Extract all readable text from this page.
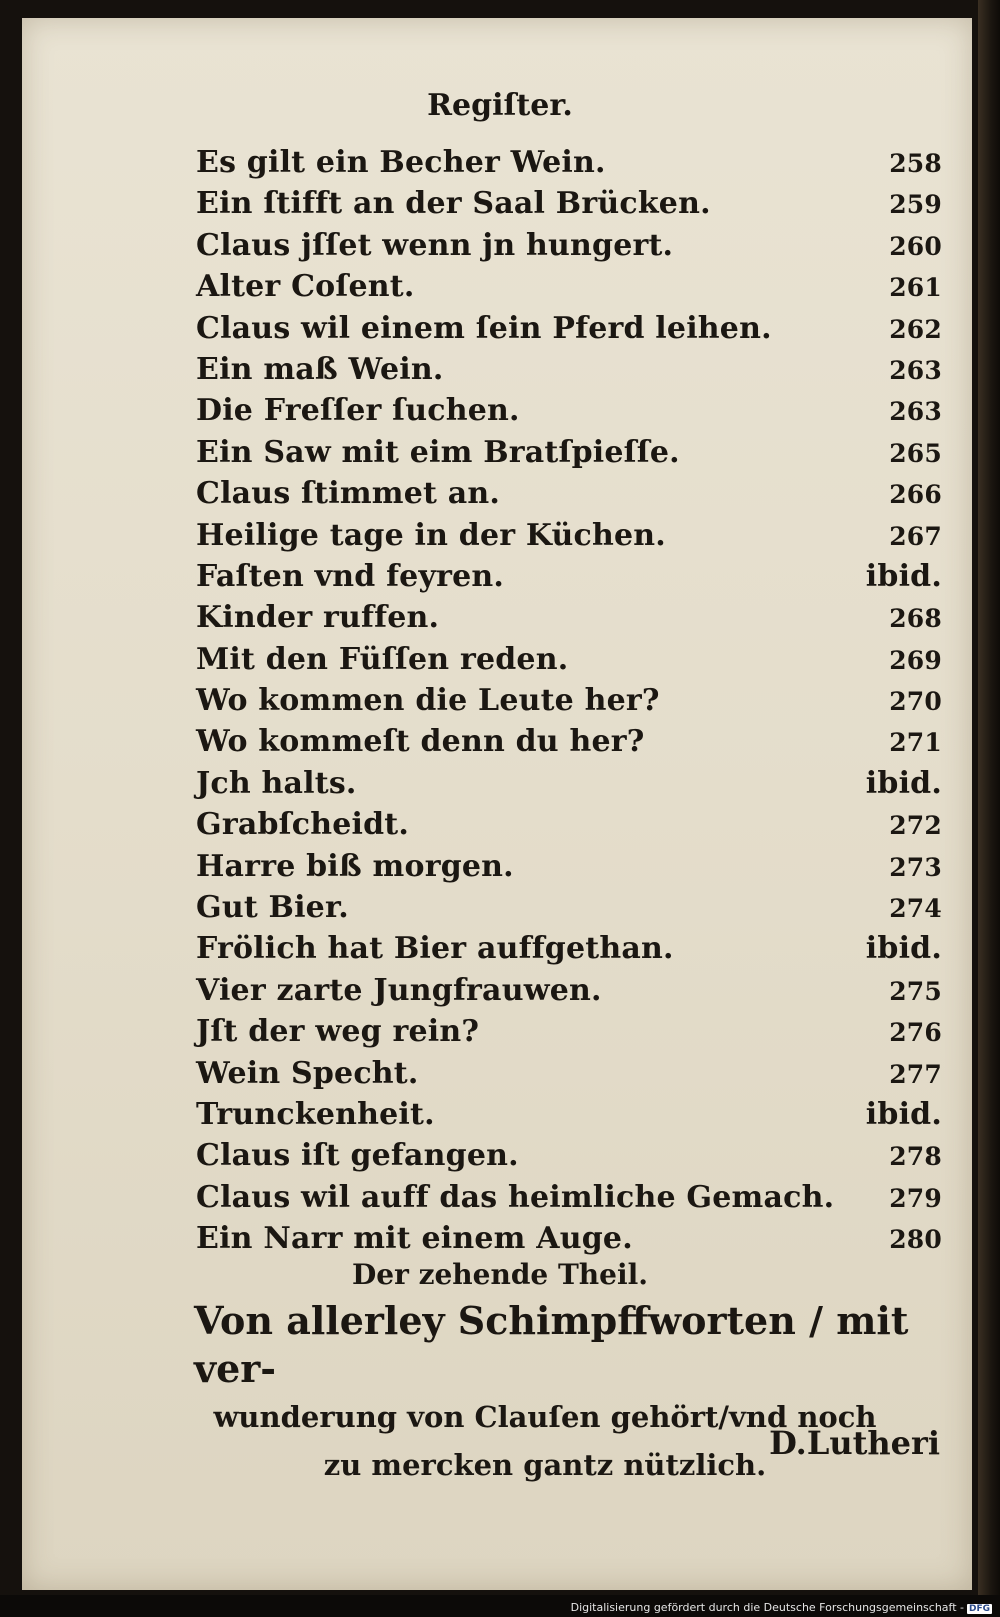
Regiſter.
Es gilt ein Becher Wein.	258
Ein ſtifft an der Saal Brücken.	259
Claus jſſet wenn jn hungert.	260
Alter Coſent.	261
Claus wil einem ſein Pferd leihen.	262
Ein maß Wein.	263
Die Freſſer ſuchen.	263
Ein Saw mit eim Bratſpieſſe.	265
Claus ſtimmet an.	266
Heilige tage in der Küchen.	267
Faſten vnd feyren.	ibid.
Kinder ruffen.	268
Mit den Füſſen reden.	269
Wo kommen die Leute her?	270
Wo kommeſt denn du her?	271
Jch halts.	ibid.
Grabſcheidt.	272
Harre biß morgen.	273
Gut Bier.	274
Frölich hat Bier auffgethan.	ibid.
Vier zarte Jungfrauwen.	275
Jſt der weg rein?	276
Wein Specht.	277
Trunckenheit.	ibid.
Claus iſt gefangen.	278
Claus wil auff das heimliche Gemach.	279
Ein Narr mit einem Auge.	280
Der zehende Theil.
Von allerley Schimpffworten / mit ver-
wunderung von Clauſen gehört/vnd noch
zu mercken gantz nützlich.
D.Lutheri
Digitalisierung gefördert durch die Deutsche Forschungsgemeinschaft - DFG
